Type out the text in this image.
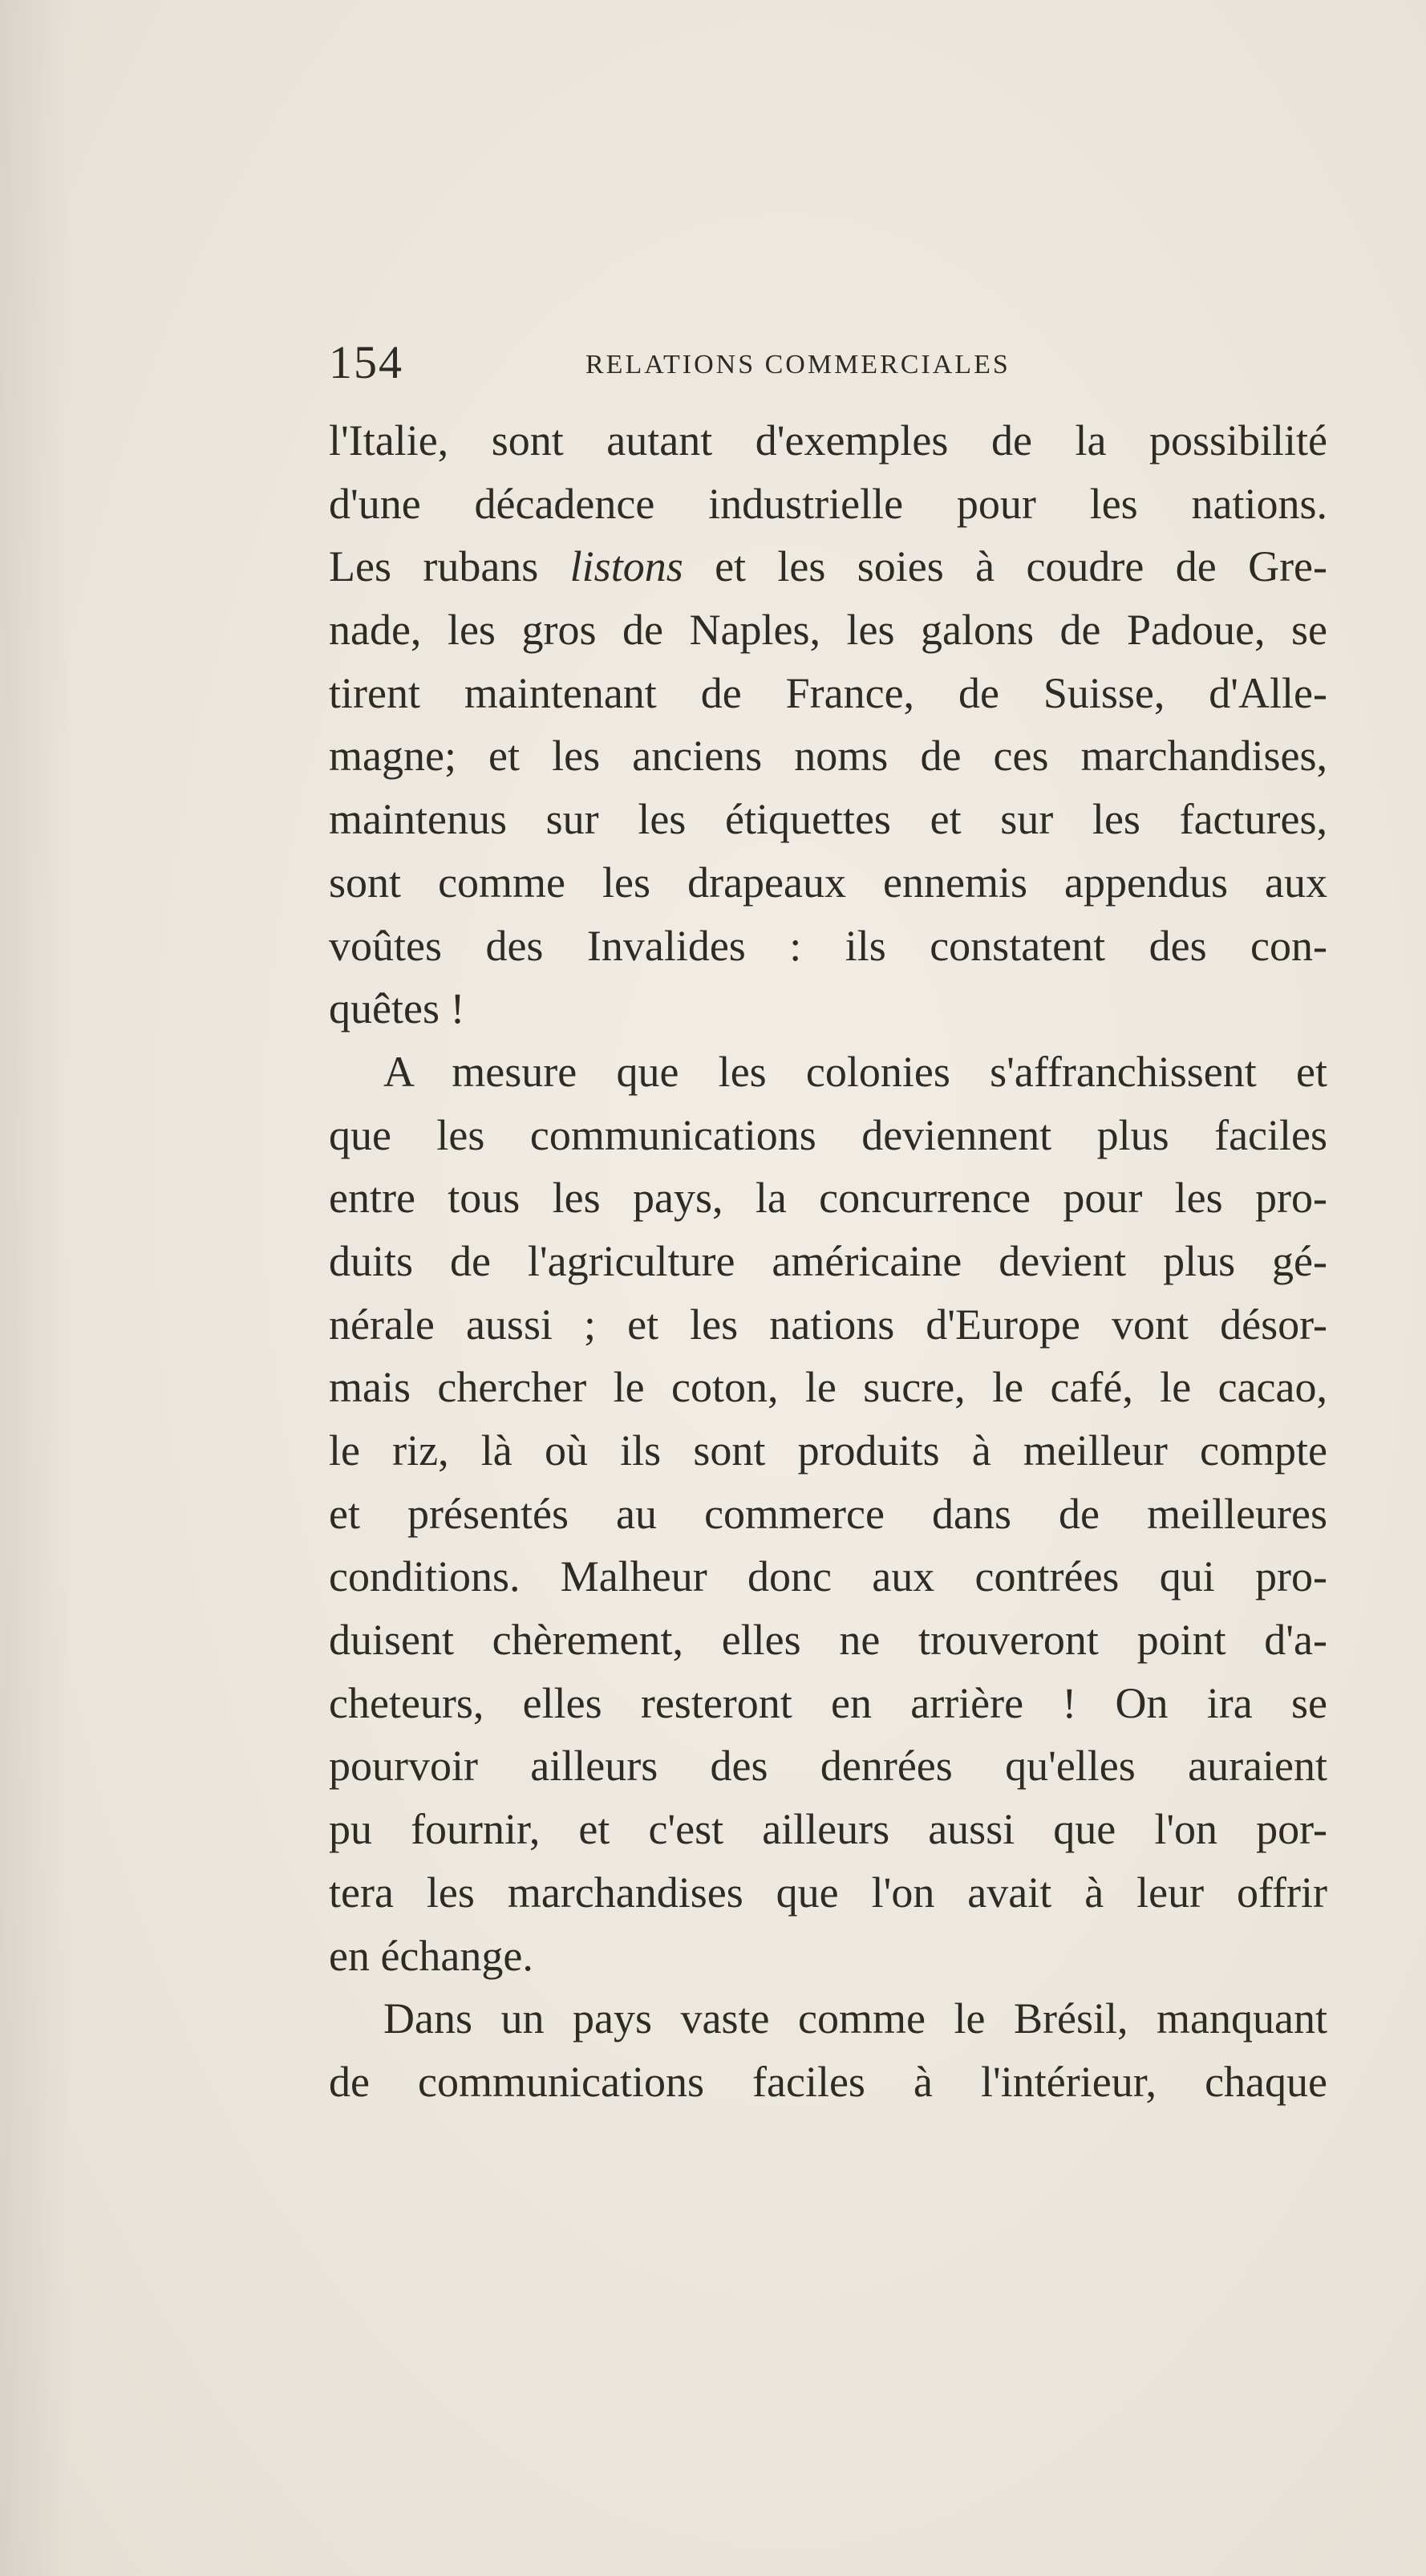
154	RELATIONS COMMERCIALES
l'Italie, sont autant d'exemples de la possibilité
d'une décadence industrielle pour les nations.
Les rubans listons et les soies à coudre de Gre-
nade, les gros de Naples, les galons de Padoue, se
tirent maintenant de France, de Suisse, d'Alle-
magne; et les anciens noms de ces marchandises,
maintenus sur les étiquettes et sur les factures,
sont comme les drapeaux ennemis appendus aux
voûtes des Invalides : ils constatent des con-
quêtes !
A mesure que les colonies s'affranchissent et
que les communications deviennent plus faciles
entre tous les pays, la concurrence pour les pro-
duits de l'agriculture américaine devient plus gé-
nérale aussi ; et les nations d'Europe vont désor-
mais chercher le coton, le sucre, le café, le cacao,
le riz, là où ils sont produits à meilleur compte
et présentés au commerce dans de meilleures
conditions. Malheur donc aux contrées qui pro-
duisent chèrement, elles ne trouveront point d'a-
cheteurs, elles resteront en arrière ! On ira se
pourvoir ailleurs des denrées qu'elles auraient
pu fournir, et c'est ailleurs aussi que l'on por-
tera les marchandises que l'on avait à leur offrir
en échange.
Dans un pays vaste comme le Brésil, manquant
de communications faciles à l'intérieur, chaque
